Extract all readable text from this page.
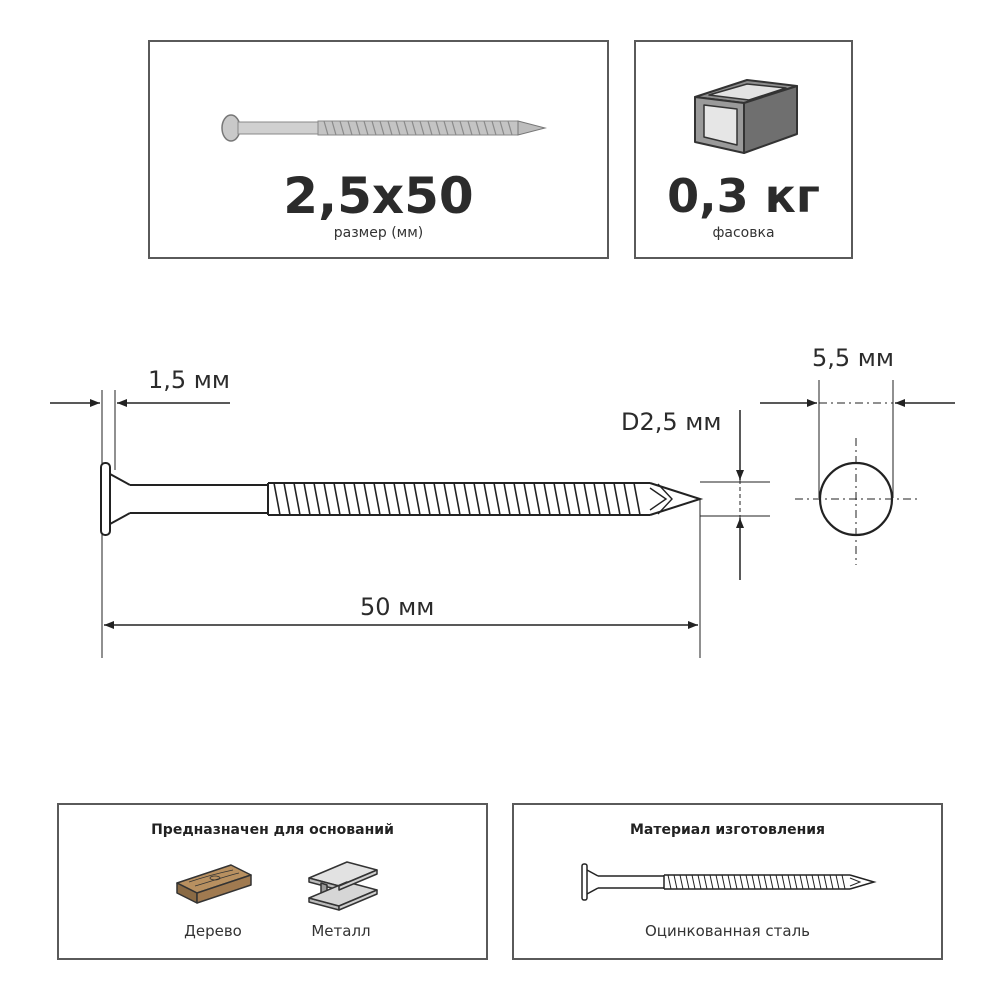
2,5x50
размер (мм)
0,3 кг
фасовка
1,5 мм
5,5 мм
D2,5 мм
50 мм
Предназначен для оснований
Дерево	Металл
Материал изготовления
Оцинкованная сталь
